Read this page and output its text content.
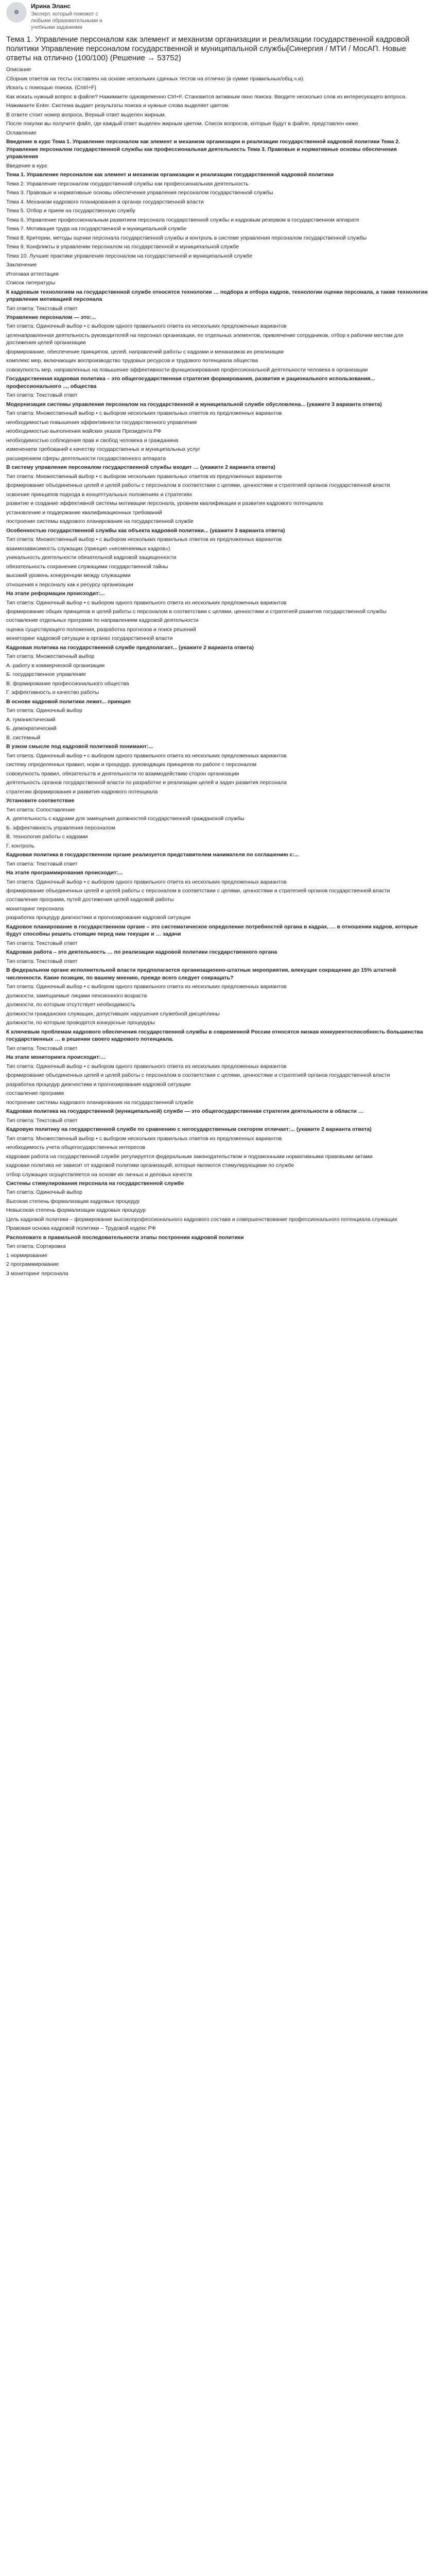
●
Ирина Эланс
Эксперт, который поможет с любыми образовательными и учебными заданиями
Тема 1. Управление персоналом как элемент и механизм организации и реализации государственной кадровой политики Управление персоналом государственной и муниципальной службы[Синергия / МТИ / МосАП. Новые ответы на отлично (100/100) (Решение → 53752)

Описание

Сборник ответов на тесты составлен на основе нескольких сдачных тестов на отлично (в сумме правильных/общ.ч.и).

Искать с помощью поиска. (Cntrl+F)

Как искать нужный вопрос в файле? Нажимаете одновременно Ctrl+F. Становится активным окно поиска. Вводите несколько слов из интересующего вопроса.

Нажимаете Enter. Система выдает результаты поиска и нужные слова выделяет цветом.

В ответе стоит номер вопроса. Верный ответ выделен жирным.

После покупки вы получите файл, где каждый ответ выделен жирным цветом. Список вопросов, которые будут в файле, представлен ниже.

Оглавление

Введение в курс Тема 1. Управление персоналом как элемент и механизм организации и реализации государственной кадровой политики Тема 2. Управление персоналом государственной службы как профессиональная деятельность Тема 3. Правовые и нормативные основы обеспечения управления

Введение в курс

Тема 1. Управление персоналом как элемент и механизм организации и реализации государственной кадровой политики

Тема 2. Управление персоналом государственной службы как профессиональная деятельность

Тема 3. Правовые и нормативные основы обеспечения управления персоналом государственной службы

Тема 4. Механизм кадрового планирования в органах государственной власти

Тема 5. Отбор и прием на государственную службу

Тема 6. Управление профессиональным развитием персонала государственной службы и кадровым резервом в государственном аппарате

Тема 7. Мотивация труда на государственной и муниципальной службе

Тема 8. Критерии, методы оценки персонала государственной службы и контроль в системе управления персоналом государственной службы

Тема 9. Конфликты в управлении персоналом на государственной и муниципальной службе

Тема 10. Лучшие практики управления персоналом на государственной и муниципальной службе

Заключение

Итоговая аттестация

Список литературы

К кадровым технологиям на государственной службе относятся технологии … подбора и отбора кадров, технологии оценки персонала, а также технологии управления мотивацией персонала

Тип ответа: Текстовый ответ

Управление персоналом — это:...

Тип ответа: Одиночный выбор • с выбором одного правильного ответа из нескольких предложенных вариантов

целенаправленная деятельность руководителей на персонал организации, ее отдельных элементов, привлечение сотрудников, отбор к рабочим местам для достижения целей организации

формирование, обеспечение принципов, целей, направлений работы с кадрами и механизмов их реализации

комплекс мер, включающих воспроизводство трудовых ресурсов и трудового потенциала общества

совокупность мер, направленных на повышение эффективности функционирования профессиональной деятельности человека в организации

Государственная кадровая политика – это общегосударственная стратегия формирования, развития и рационального использования... профессионального ..., общества

Тип ответа: Текстовый ответ

Модернизация системы управления персоналом на государственной и муниципальной службе обусловлена... (укажите 3 варианта ответа)

Тип ответа: Множественный выбор • с выбором нескольких правильных ответов из предложенных вариантов

необходимостью повышения эффективности государственного управления

необходимостью выполнения майских указов Президента РФ

необходимостью соблюдения прав и свобод человека и гражданина

изменением требований к качеству государственных и муниципальных услуг

расширением сферы деятельности государственного аппарата

В систему управления персоналом государственной службы входит … (укажите 2 варианта ответа)

Тип ответа: Множественный выбор • с выбором нескольких правильных ответов из предложенных вариантов

формирование объединенных целей и целей работы с персоналом в соответствии с целями, ценностями и стратегией органов государственной власти

освоение принципов подхода в концептуальных положениях и стратегиях

развитие и создание эффективной системы мотивации персонала, уровнем квалификации и развития кадрового потенциала

установление и поддержание квалификационных требований

построение системы кадрового планирования на государственной службе

Особенностью государственной службы как объекта кадровой политики... (укажите 3 варианта ответа)

Тип ответа: Множественный выбор • с выбором нескольких правильных ответов из предложенных вариантов

взаимозависимость служащих (принцип «несменяемых кадров»)

уникальность деятельности обязательной кадровой защищенности

обязательность сохранения служащими государственной тайны

высокий уровень конкуренции между служащими

отношения к персоналу как к ресурсу организации

На этапе реформации происходит:...

Тип ответа: Одиночный выбор • с выбором одного правильного ответа из нескольких предложенных вариантов

формирование общих принципов и целей работы с персоналом в соответствии с целями, ценностями и стратегией развития государственной службы

составление отдельных программ по направлениям кадровой деятельности

оценка существующего положения, разработка прогнозов и поиск решений

мониторинг кадровой ситуации в органах государственной власти

Кадровая политика на государственной службе предполагает... (укажите 2 варианта ответа)

Тип ответа: Множественный выбор

А. работу в коммерческой организации

Б. государственное управление

В. формирование профессионального общества

Г. эффективность и качество работы

В основе кадровой политики лежит... принцип

Тип ответа: Одиночный выбор

А. гуманистический

Б. демократический

В. системный

В узком смысле под кадровой политикой понимают:...

Тип ответа: Одиночный выбор • с выбором одного правильного ответа из нескольких предложенных вариантов

систему определенных правил, норм и процедур, руководящих принципов по работе с персоналом

совокупность правил, обязательств и деятельности по взаимодействию сторон организации

деятельность органов государственной власти по разработке и реализации целей и задач развития персонала

стратегию формирования и развития кадрового потенциала

Установите соответствие

Тип ответа: Сопоставление

А. деятельность с кадрами для замещения должностей государственной гражданской службы

Б. эффективность управления персоналом

В. технология работы с кадрами

Г. контроль

Кадровая политика в государственном органе реализуется представителем нанимателя по соглашению с:...

Тип ответа: Текстовый ответ

На этапе программирования происходит:...

Тип ответа: Одиночный выбор • с выбором одного правильного ответа из нескольких предложенных вариантов

формирование объединенных целей и целей работы с персоналом в соответствии с целями, ценностями и стратегией органов государственной власти

составление программ, путей достижения целей кадровой работы

мониторинг персонала

разработка процедур диагностики и прогнозирования кадровой ситуации

Кадровое планирование в государственном органе – это систематическое определение потребностей органа в кадрах, … в отношении кадров, которые будут способны решить стоящие перед ним текущие и … задачи

Тип ответа: Текстовый ответ

Кадровая работа – это деятельность … по реализации кадровой политики государственного органа

Тип ответа: Текстовый ответ

В федеральном органе исполнительной власти предполагается организационно-штатные мероприятия, влекущие сокращение до 15% штатной численности. Какие позиции, по вашему мнению, прежде всего следует сокращать?

Тип ответа: Одиночный выбор • с выбором одного правильного ответа из нескольких предложенных вариантов

должности, замещаемые лицами пенсионного возраста

должности, по которым отсутствует необходимость

должности гражданских служащих, допустивших нарушения служебной дисциплины

должности, по которым проводятся конкурсные процедуры

К ключевым проблемам кадрового обеспечения государственной службы в современной России относятся низкая конкурентоспособность большинства государственных … в решении своего кадрового потенциала.

Тип ответа: Текстовый ответ

На этапе мониторинга происходит:...

Тип ответа: Одиночный выбор • с выбором одного правильного ответа из нескольких предложенных вариантов

формирование объединенных целей и целей работы с персоналом в соответствии с целями, ценностями и стратегией органов государственной власти

разработка процедур диагностики и прогнозирования кадровой ситуации

составление программ

построение системы кадрового планирования на государственной службе

Кадровая политика на государственной (муниципальной) службе — это общегосударственная стратегия деятельности в области …

Тип ответа: Текстовый ответ

Кадровую политику на государственной службе по сравнению с негосударственным сектором отличает:... (укажите 2 варианта ответа)

Тип ответа: Множественный выбор • с выбором нескольких правильных ответов из предложенных вариантов

необходимость учета общегосударственных интересов

кадровая работа на государственной службе регулируется федеральным законодательством и подзаконными нормативными правовыми актами

кадровая политика не зависит от кадровой политики организаций, которые являются стимулирующими по службе

отбор служащих осуществляется на основе их личных и деловых качеств

Системы стимулирования персонала на государственной службе

Тип ответа: Одиночный выбор

Высокая степень формализации кадровых процедур

Невысокая степень формализации кадровых процедур

Цель кадровой политики – формирование высокопрофессионального кадрового состава и совершенствование профессионального потенциала служащих

Правовая основа кадровой политики – Трудовой кодекс РФ

Расположите в правильной последовательности этапы построения кадровой политики

Тип ответа: Сортировка

1 нормирование

2 программирование

3 мониторинг персонала
